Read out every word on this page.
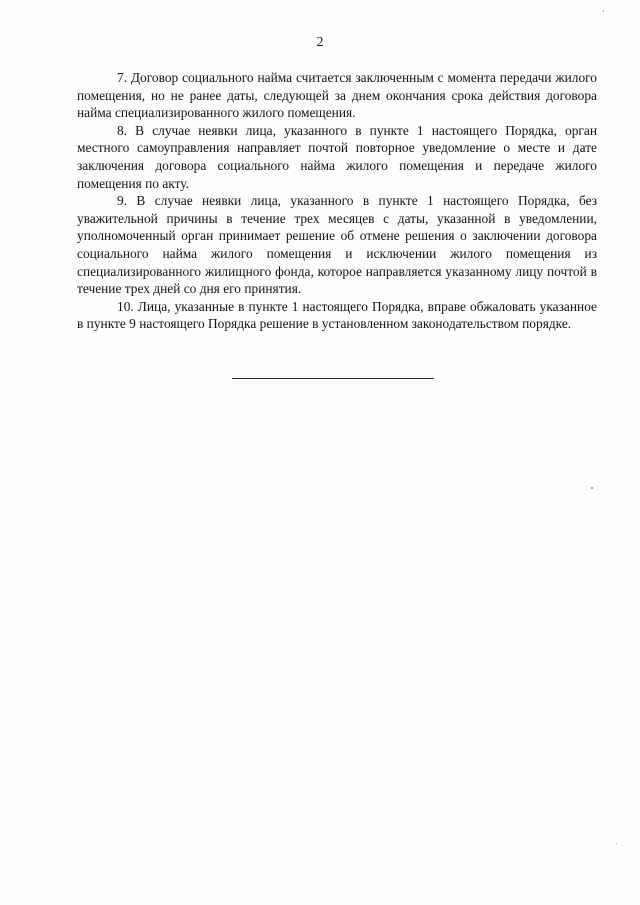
2

7. Договор социального найма считается заключенным с момента передачи жилого помещения, но не ранее даты, следующей за днем окончания срока действия договора найма специализированного жилого помещения.

8. В случае неявки лица, указанного в пункте 1 настоящего Порядка, орган местного самоуправления направляет почтой повторное уведомление о месте и дате заключения договора социального найма жилого помещения и передаче жилого помещения по акту.

9. В случае неявки лица, указанного в пункте 1 настоящего Порядка, без уважительной причины в течение трех месяцев с даты, указанной в уведомлении, уполномоченный орган принимает решение об отмене решения о заключении договора социального найма жилого помещения и исключении жилого помещения из специализированного жилищного фонда, которое направляется указанному лицу почтой в течение трех дней со дня его принятия.

10. Лица, указанные в пункте 1 настоящего Порядка, вправе обжаловать указанное в пункте 9 настоящего Порядка решение в установленном законодательством порядке.
